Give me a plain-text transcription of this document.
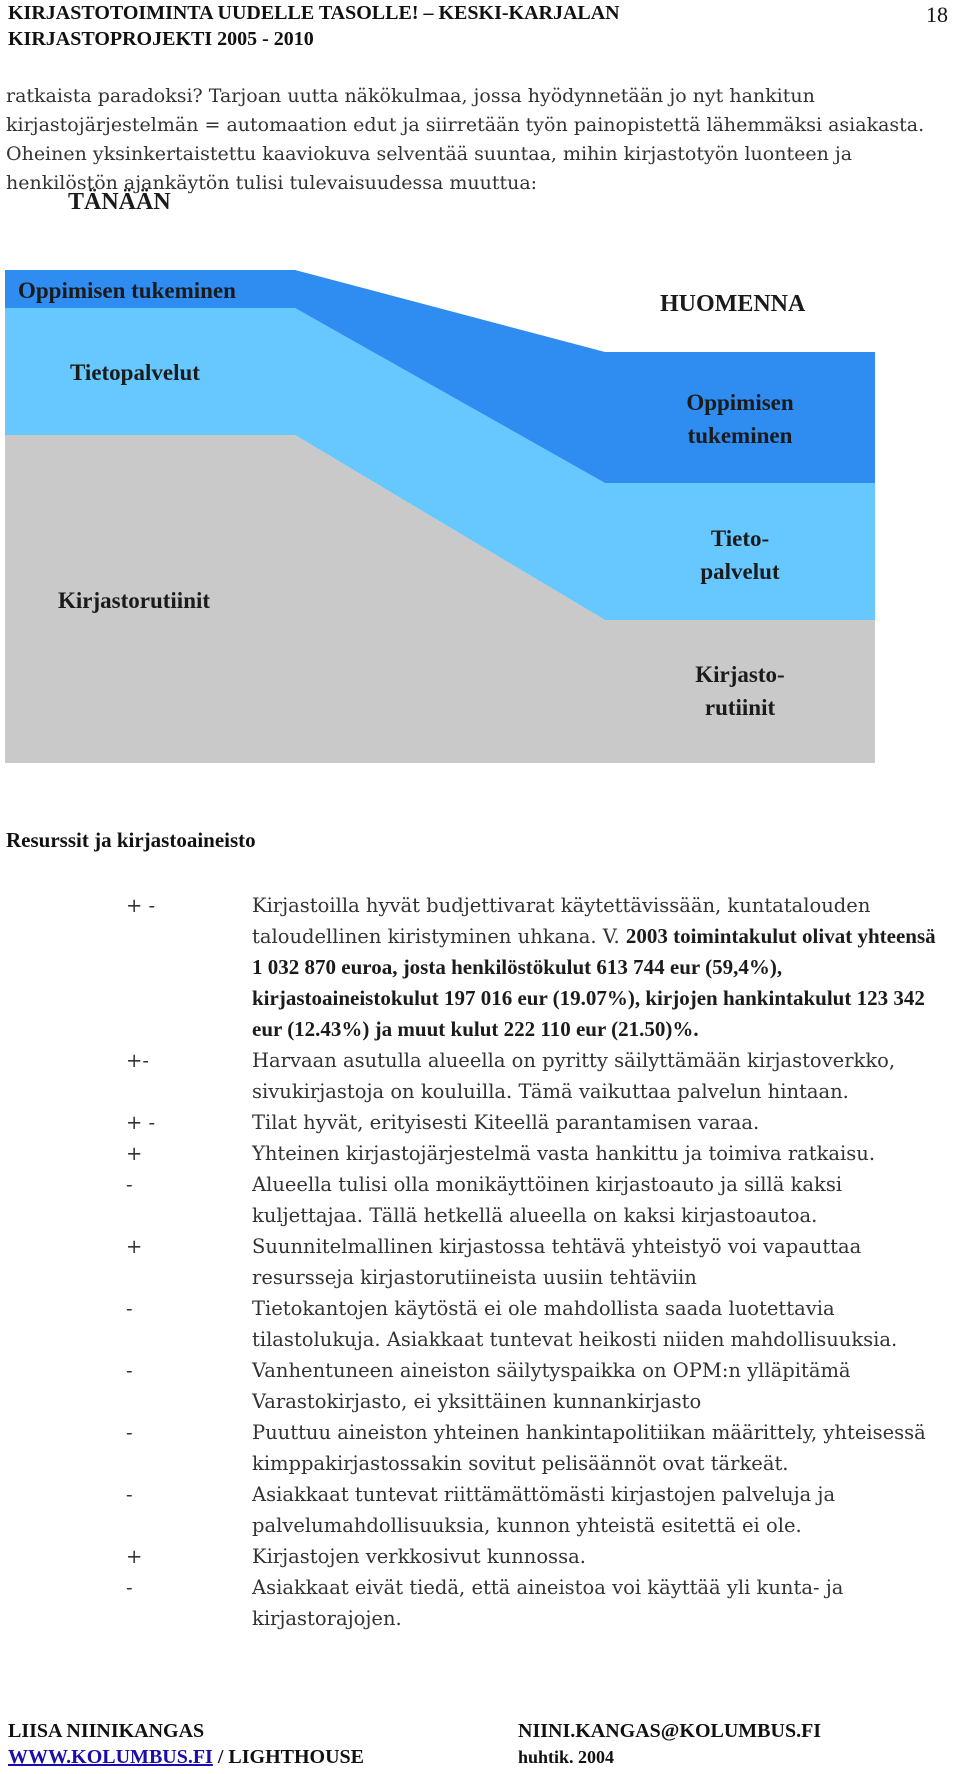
KIRJASTOTOIMINTA UUDELLE TASOLLE! – KESKI-KARJALAN
KIRJASTOPROJEKTI 2005 - 2010
18
ratkaista paradoksi? Tarjoan uutta näkökulmaa, jossa hyödynnetään jo nyt hankitun kirjastojärjestelmän = automaation edut ja siirretään työn painopistettä lähemmäksi asiakasta. Oheinen yksinkertaistettu kaaviokuva selventää suuntaa, mihin kirjastotyön luonteen ja henkilöstön ajankäytön tulisi tulevaisuudessa muuttua:
TÄNÄÄN
HUOMENNA
Oppimisen tukeminen
Tietopalvelut
Kirjastorutiinit
Oppimisen
tukeminen
Tieto-
palvelut
Kirjasto-
rutiinit
Resurssit ja kirjastoaineisto
+ -	Kirjastoilla hyvät budjettivarat käytettävissään, kuntatalouden taloudellinen kiristyminen uhkana. V. 2003 toimintakulut olivat yhteensä 1 032 870 euroa, josta henkilöstökulut 613 744 eur (59,4%), kirjastoaineistokulut 197 016 eur (19.07%), kirjojen hankintakulut 123 342 eur (12.43%) ja muut kulut 222 110 eur (21.50)%.
+-	Harvaan asutulla alueella on pyritty säilyttämään kirjastoverkko, sivukirjastoja on kouluilla. Tämä vaikuttaa palvelun hintaan.
+ -	Tilat hyvät, erityisesti Kiteellä parantamisen varaa.
+	Yhteinen kirjastojärjestelmä vasta hankittu ja toimiva ratkaisu.
-	Alueella tulisi olla monikäyttöinen kirjastoauto ja sillä kaksi kuljettajaa. Tällä hetkellä alueella on kaksi kirjastoautoa.
+	Suunnitelmallinen kirjastossa tehtävä yhteistyö voi vapauttaa resursseja kirjastorutiineista uusiin tehtäviin
-	Tietokantojen käytöstä ei ole mahdollista saada luotettavia tilastolukuja. Asiakkaat tuntevat heikosti niiden mahdollisuuksia.
-	Vanhentuneen aineiston säilytyspaikka on OPM:n ylläpitämä Varastokirjasto, ei yksittäinen kunnankirjasto
-	Puuttuu aineiston yhteinen hankintapolitiikan määrittely, yhteisessä kimppakirjastossakin sovitut pelisäännöt ovat tärkeät.
-	Asiakkaat tuntevat riittämättömästi kirjastojen palveluja ja palvelumahdollisuuksia, kunnon yhteistä esitettä ei ole.
+	Kirjastojen verkkosivut kunnossa.
-	Asiakkaat eivät tiedä, että aineistoa voi käyttää yli kunta- ja kirjastorajojen.
LIISA NIINIKANGAS
WWW.KOLUMBUS.FI / LIGHTHOUSE
NIINI.KANGAS@KOLUMBUS.FI
huhtik. 2004
